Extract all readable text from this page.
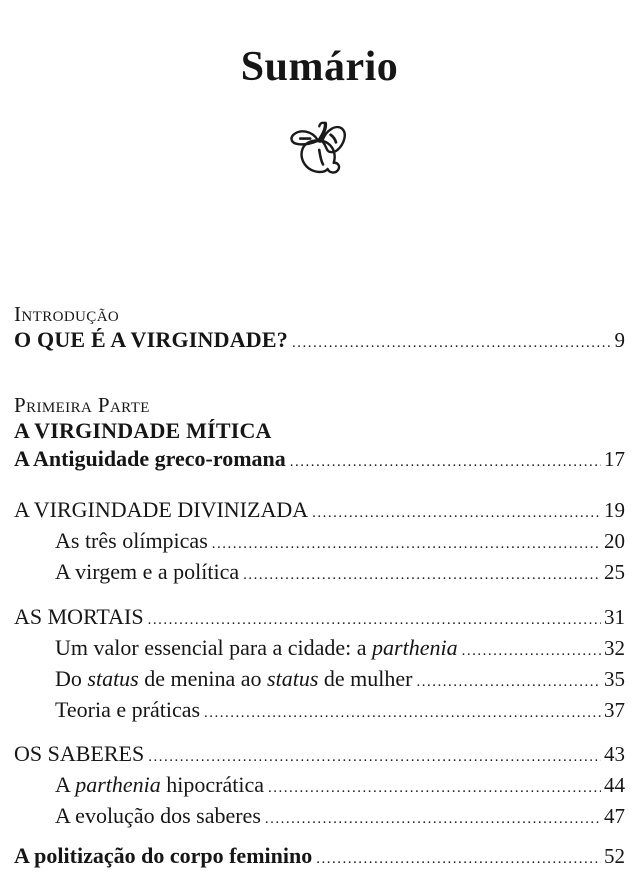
Sumário
Introdução
O QUE É A VIRGINDADE? .....	9
Primeira Parte
A VIRGINDADE MÍTICA
A Antiguidade greco-romana .....	17
A VIRGINDADE DIVINIZADA .....	19
As três olímpicas .....	20
A virgem e a política .....	25
AS MORTAIS .....	31
Um valor essencial para a cidade: a parthenia .....	32
Do status de menina ao status de mulher .....	35
Teoria e práticas .....	37
OS SABERES .....	43
A parthenia hipocrática .....	44
A evolução dos saberes .....	47
A politização do corpo feminino .....	52
